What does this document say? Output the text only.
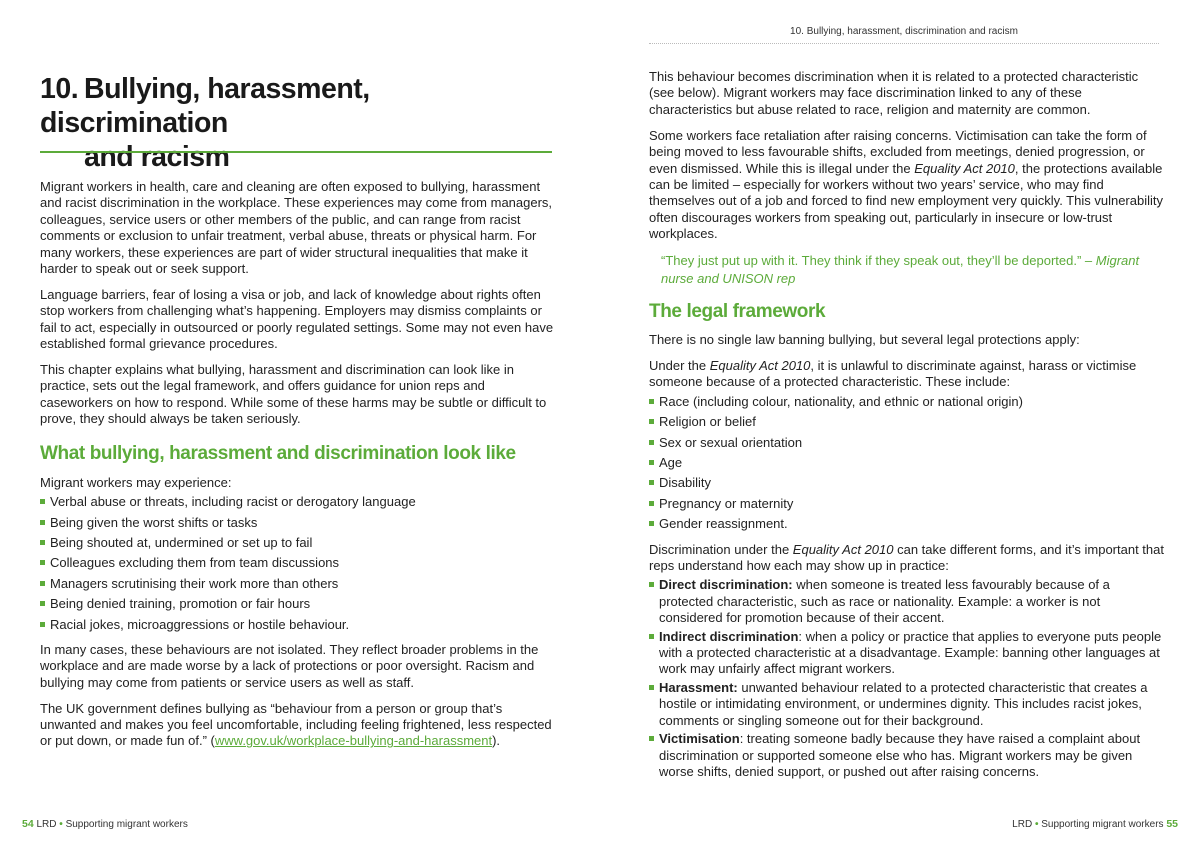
10. Bullying, harassment, discrimination
and racism

Migrant workers in health, care and cleaning are often exposed to bullying, harassment and racist discrimination in the workplace. These experiences may come from managers, colleagues, service users or other members of the public, and can range from racist comments or exclusion to unfair treatment, verbal abuse, threats or physical harm. For many workers, these experiences are part of wider structural inequalities that make it harder to speak out or seek support.

Language barriers, fear of losing a visa or job, and lack of knowledge about rights often stop workers from challenging what’s happening. Employers may dismiss complaints or fail to act, especially in outsourced or poorly regulated settings. Some may not even have established formal grievance procedures.

This chapter explains what bullying, harassment and discrimination can look like in practice, sets out the legal framework, and offers guidance for union reps and caseworkers on how to respond. While some of these harms may be subtle or difficult to prove, they should always be taken seriously.

What bullying, harassment and discrimination look like

Migrant workers may experience:

Verbal abuse or threats, including racist or derogatory language
Being given the worst shifts or tasks
Being shouted at, undermined or set up to fail
Colleagues excluding them from team discussions
Managers scrutinising their work more than others
Being denied training, promotion or fair hours
Racial jokes, microaggressions or hostile behaviour.

In many cases, these behaviours are not isolated. They reflect broader problems in the workplace and are made worse by a lack of protections or poor oversight. Racism and bullying may come from patients or service users as well as staff.

The UK government defines bullying as “behaviour from a person or group that’s unwanted and makes you feel uncomfortable, including feeling frightened, less respected or put down, or made fun of.” (www.gov.uk/workplace-bullying-and-harassment).

54 LRD • Supporting migrant workers
10. Bullying, harassment, discrimination and racism

This behaviour becomes discrimination when it is related to a protected characteristic (see below). Migrant workers may face discrimination linked to any of these characteristics but abuse related to race, religion and maternity are common.

Some workers face retaliation after raising concerns. Victimisation can take the form of being moved to less favourable shifts, excluded from meetings, denied progression, or even dismissed. While this is illegal under the Equality Act 2010, the protections available can be limited – especially for workers without two years’ service, who may find themselves out of a job and forced to find new employment very quickly. This vulnerability often discourages workers from speaking out, particularly in insecure or low-trust workplaces.

“They just put up with it. They think if they speak out, they’ll be deported.” – Migrant nurse and UNISON rep
The legal framework

There is no single law banning bullying, but several legal protections apply:

Under the Equality Act 2010, it is unlawful to discriminate against, harass or victimise someone because of a protected characteristic. These include:

Race (including colour, nationality, and ethnic or national origin)
Religion or belief
Sex or sexual orientation
Age
Disability
Pregnancy or maternity
Gender reassignment.

Discrimination under the Equality Act 2010 can take different forms, and it’s important that reps understand how each may show up in practice:

Direct discrimination: when someone is treated less favourably because of a protected characteristic, such as race or nationality. Example: a worker is not considered for promotion because of their accent.
Indirect discrimination: when a policy or practice that applies to everyone puts people with a protected characteristic at a disadvantage. Example: banning other languages at work may unfairly affect migrant workers.
Harassment: unwanted behaviour related to a protected characteristic that creates a hostile or intimidating environment, or undermines dignity. This includes racist jokes, comments or singling someone out for their background.
Victimisation: treating someone badly because they have raised a complaint about discrimination or supported someone else who has. Migrant workers may be given worse shifts, denied support, or pushed out after raising concerns.
LRD • Supporting migrant workers 55
